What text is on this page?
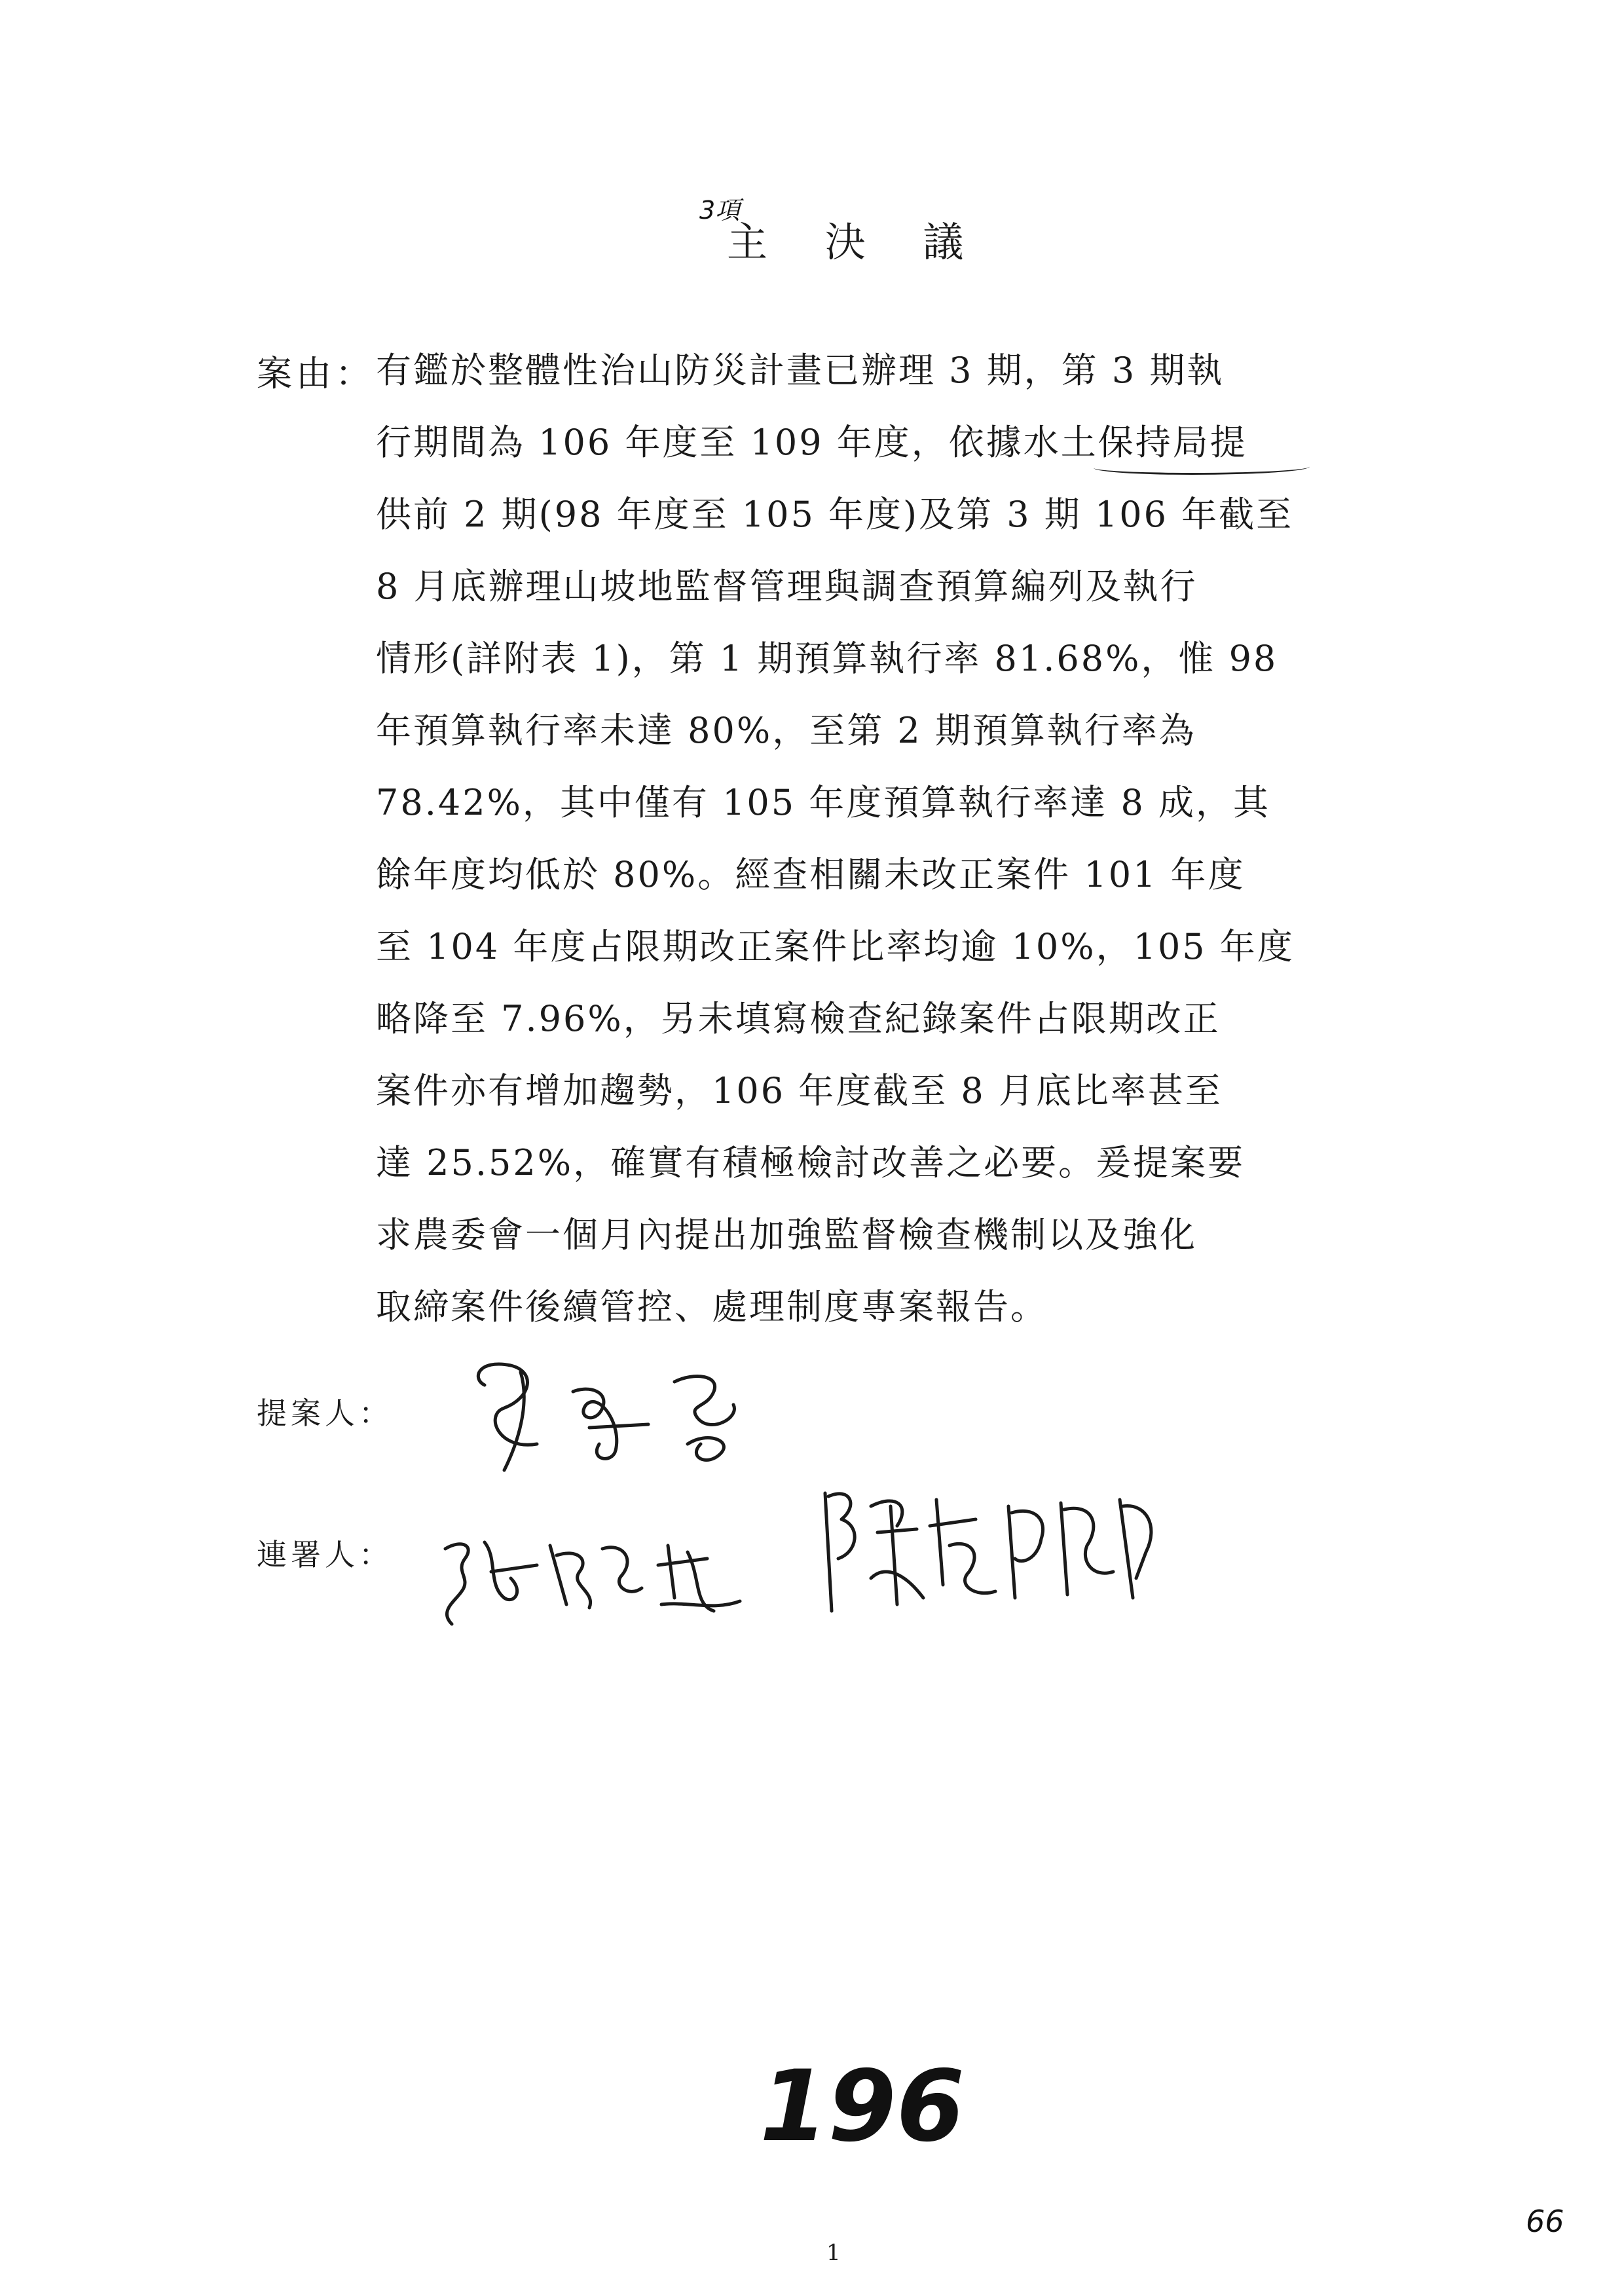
3項
主 決 議
案由： 有鑑於整體性治山防災計畫已辦理 3 期，第 3 期執
行期間為 106 年度至 109 年度，依據水土保持局提
供前 2 期(98 年度至 105 年度)及第 3 期 106 年截至
8 月底辦理山坡地監督管理與調查預算編列及執行
情形(詳附表 1)，第 1 期預算執行率 81.68%，惟 98
年預算執行率未達 80%，至第 2 期預算執行率為
78.42%，其中僅有 105 年度預算執行率達 8 成，其
餘年度均低於 80%。經查相關未改正案件 101 年度
至 104 年度占限期改正案件比率均逾 10%，105 年度
略降至 7.96%，另未填寫檢查紀錄案件占限期改正
案件亦有增加趨勢，106 年度截至 8 月底比率甚至
達 25.52%，確實有積極檢討改善之必要。爰提案要
求農委會一個月內提出加強監督檢查機制以及強化
取締案件後續管控、處理制度專案報告。
提案人：
連署人：
196
1
66
